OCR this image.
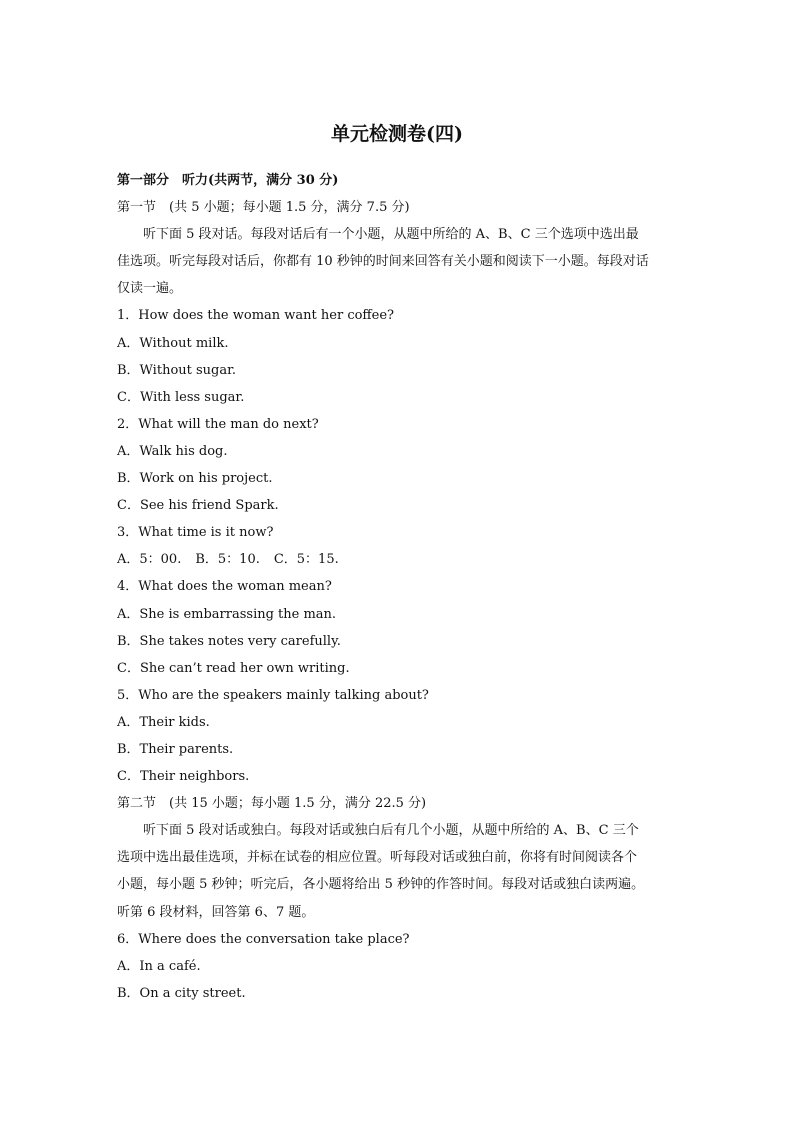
单元检测卷(四)
第一部分　听力(共两节，满分 30 分)
第一节　(共 5 小题；每小题 1.5 分，满分 7.5 分)
听下面 5 段对话。每段对话后有一个小题，从题中所给的 A、B、C 三个选项中选出最
佳选项。听完每段对话后，你都有 10 秒钟的时间来回答有关小题和阅读下一小题。每段对话
仅读一遍。
1．How does the woman want her coffee?
A．Without milk.
B．Without sugar.
C．With less sugar.
2．What will the man do next?
A．Walk his dog.
B．Work on his project.
C．See his friend Spark.
3．What time is it now?
A．5：00. B．5：10. C．5：15.
4．What does the woman mean?
A．She is embarrassing the man.
B．She takes notes very carefully.
C．She can’t read her own writing.
5．Who are the speakers mainly talking about?
A．Their kids.
B．Their parents.
C．Their neighbors.
第二节　(共 15 小题；每小题 1.5 分，满分 22.5 分)
听下面 5 段对话或独白。每段对话或独白后有几个小题，从题中所给的 A、B、C 三个
选项中选出最佳选项，并标在试卷的相应位置。听每段对话或独白前，你将有时间阅读各个
小题，每小题 5 秒钟；听完后，各小题将给出 5 秒钟的作答时间。每段对话或独白读两遍。
听第 6 段材料，回答第 6、7 题。
6．Where does the conversation take place?
A．In a café.
B．On a city street.
